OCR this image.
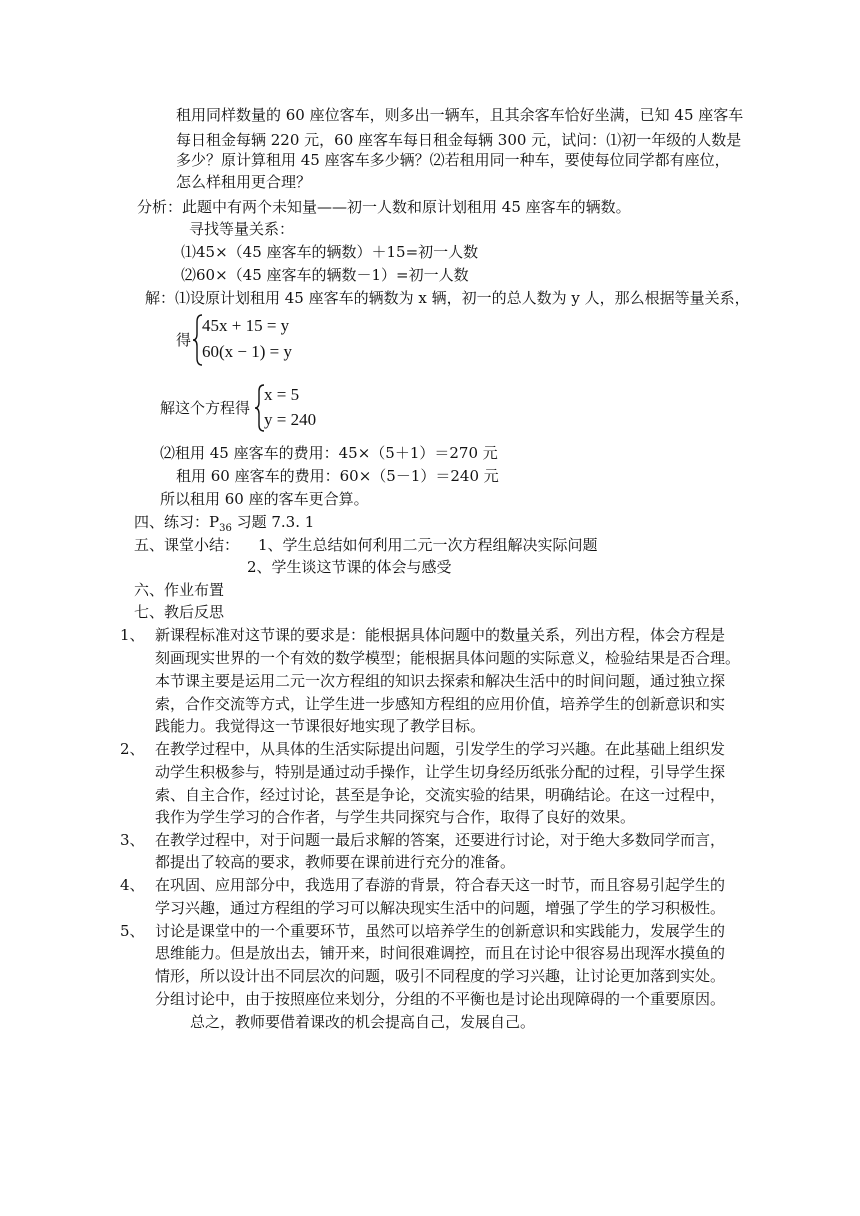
租用同样数量的 60 座位客车，则多出一辆车，且其余客车恰好坐满，已知 45 座客车
每日租金每辆 220 元，60 座客车每日租金每辆 300 元，试问：⑴初一年级的人数是
多少？原计算租用 45 座客车多少辆？⑵若租用同一种车，要使每位同学都有座位，
怎么样租用更合理？
分析：此题中有两个未知量——初一人数和原计划租用 45 座客车的辆数。
寻找等量关系：
⑴45×（45 座客车的辆数）＋15=初一人数
⑵60×（45 座客车的辆数－1）=初一人数
解：⑴设原计划租用 45 座客车的辆数为 x 辆，初一的总人数为 y 人，那么根据等量关系，
得
45x + 15 = y
60(x − 1) = y
解这个方程得
x = 5
y = 240
⑵租用 45 座客车的费用：45×（5＋1）＝270 元
租用 60 座客车的费用：60×（5－1）＝240 元
所以租用 60 座的客车更合算。
四、练习：$P_{36}$ 习题 7.3. 1
五、课堂小结： 1、学生总结如何利用二元一次方程组解决实际问题
2、学生谈这节课的体会与感受
六、作业布置
七、教后反思
1、 新课程标准对这节课的要求是：能根据具体问题中的数量关系，列出方程，体会方程是
刻画现实世界的一个有效的数学模型；能根据具体问题的实际意义，检验结果是否合理。
本节课主要是运用二元一次方程组的知识去探索和解决生活中的时间问题，通过独立探
索，合作交流等方式，让学生进一步感知方程组的应用价值，培养学生的创新意识和实
践能力。我觉得这一节课很好地实现了教学目标。
2、 在教学过程中，从具体的生活实际提出问题，引发学生的学习兴趣。在此基础上组织发
动学生积极参与，特别是通过动手操作，让学生切身经历纸张分配的过程，引导学生探
索、自主合作，经过讨论，甚至是争论，交流实验的结果，明确结论。在这一过程中，
我作为学生学习的合作者，与学生共同探究与合作，取得了良好的效果。
3、 在教学过程中，对于问题一最后求解的答案，还要进行讨论，对于绝大多数同学而言，
都提出了较高的要求，教师要在课前进行充分的准备。
4、 在巩固、应用部分中，我选用了春游的背景，符合春天这一时节，而且容易引起学生的
学习兴趣，通过方程组的学习可以解决现实生活中的问题，增强了学生的学习积极性。
5、 讨论是课堂中的一个重要环节，虽然可以培养学生的创新意识和实践能力，发展学生的
思维能力。但是放出去，铺开来，时间很难调控，而且在讨论中很容易出现浑水摸鱼的
情形，所以设计出不同层次的问题，吸引不同程度的学习兴趣，让讨论更加落到实处。
分组讨论中，由于按照座位来划分，分组的不平衡也是讨论出现障碍的一个重要原因。
总之，教师要借着课改的机会提高自己，发展自己。
